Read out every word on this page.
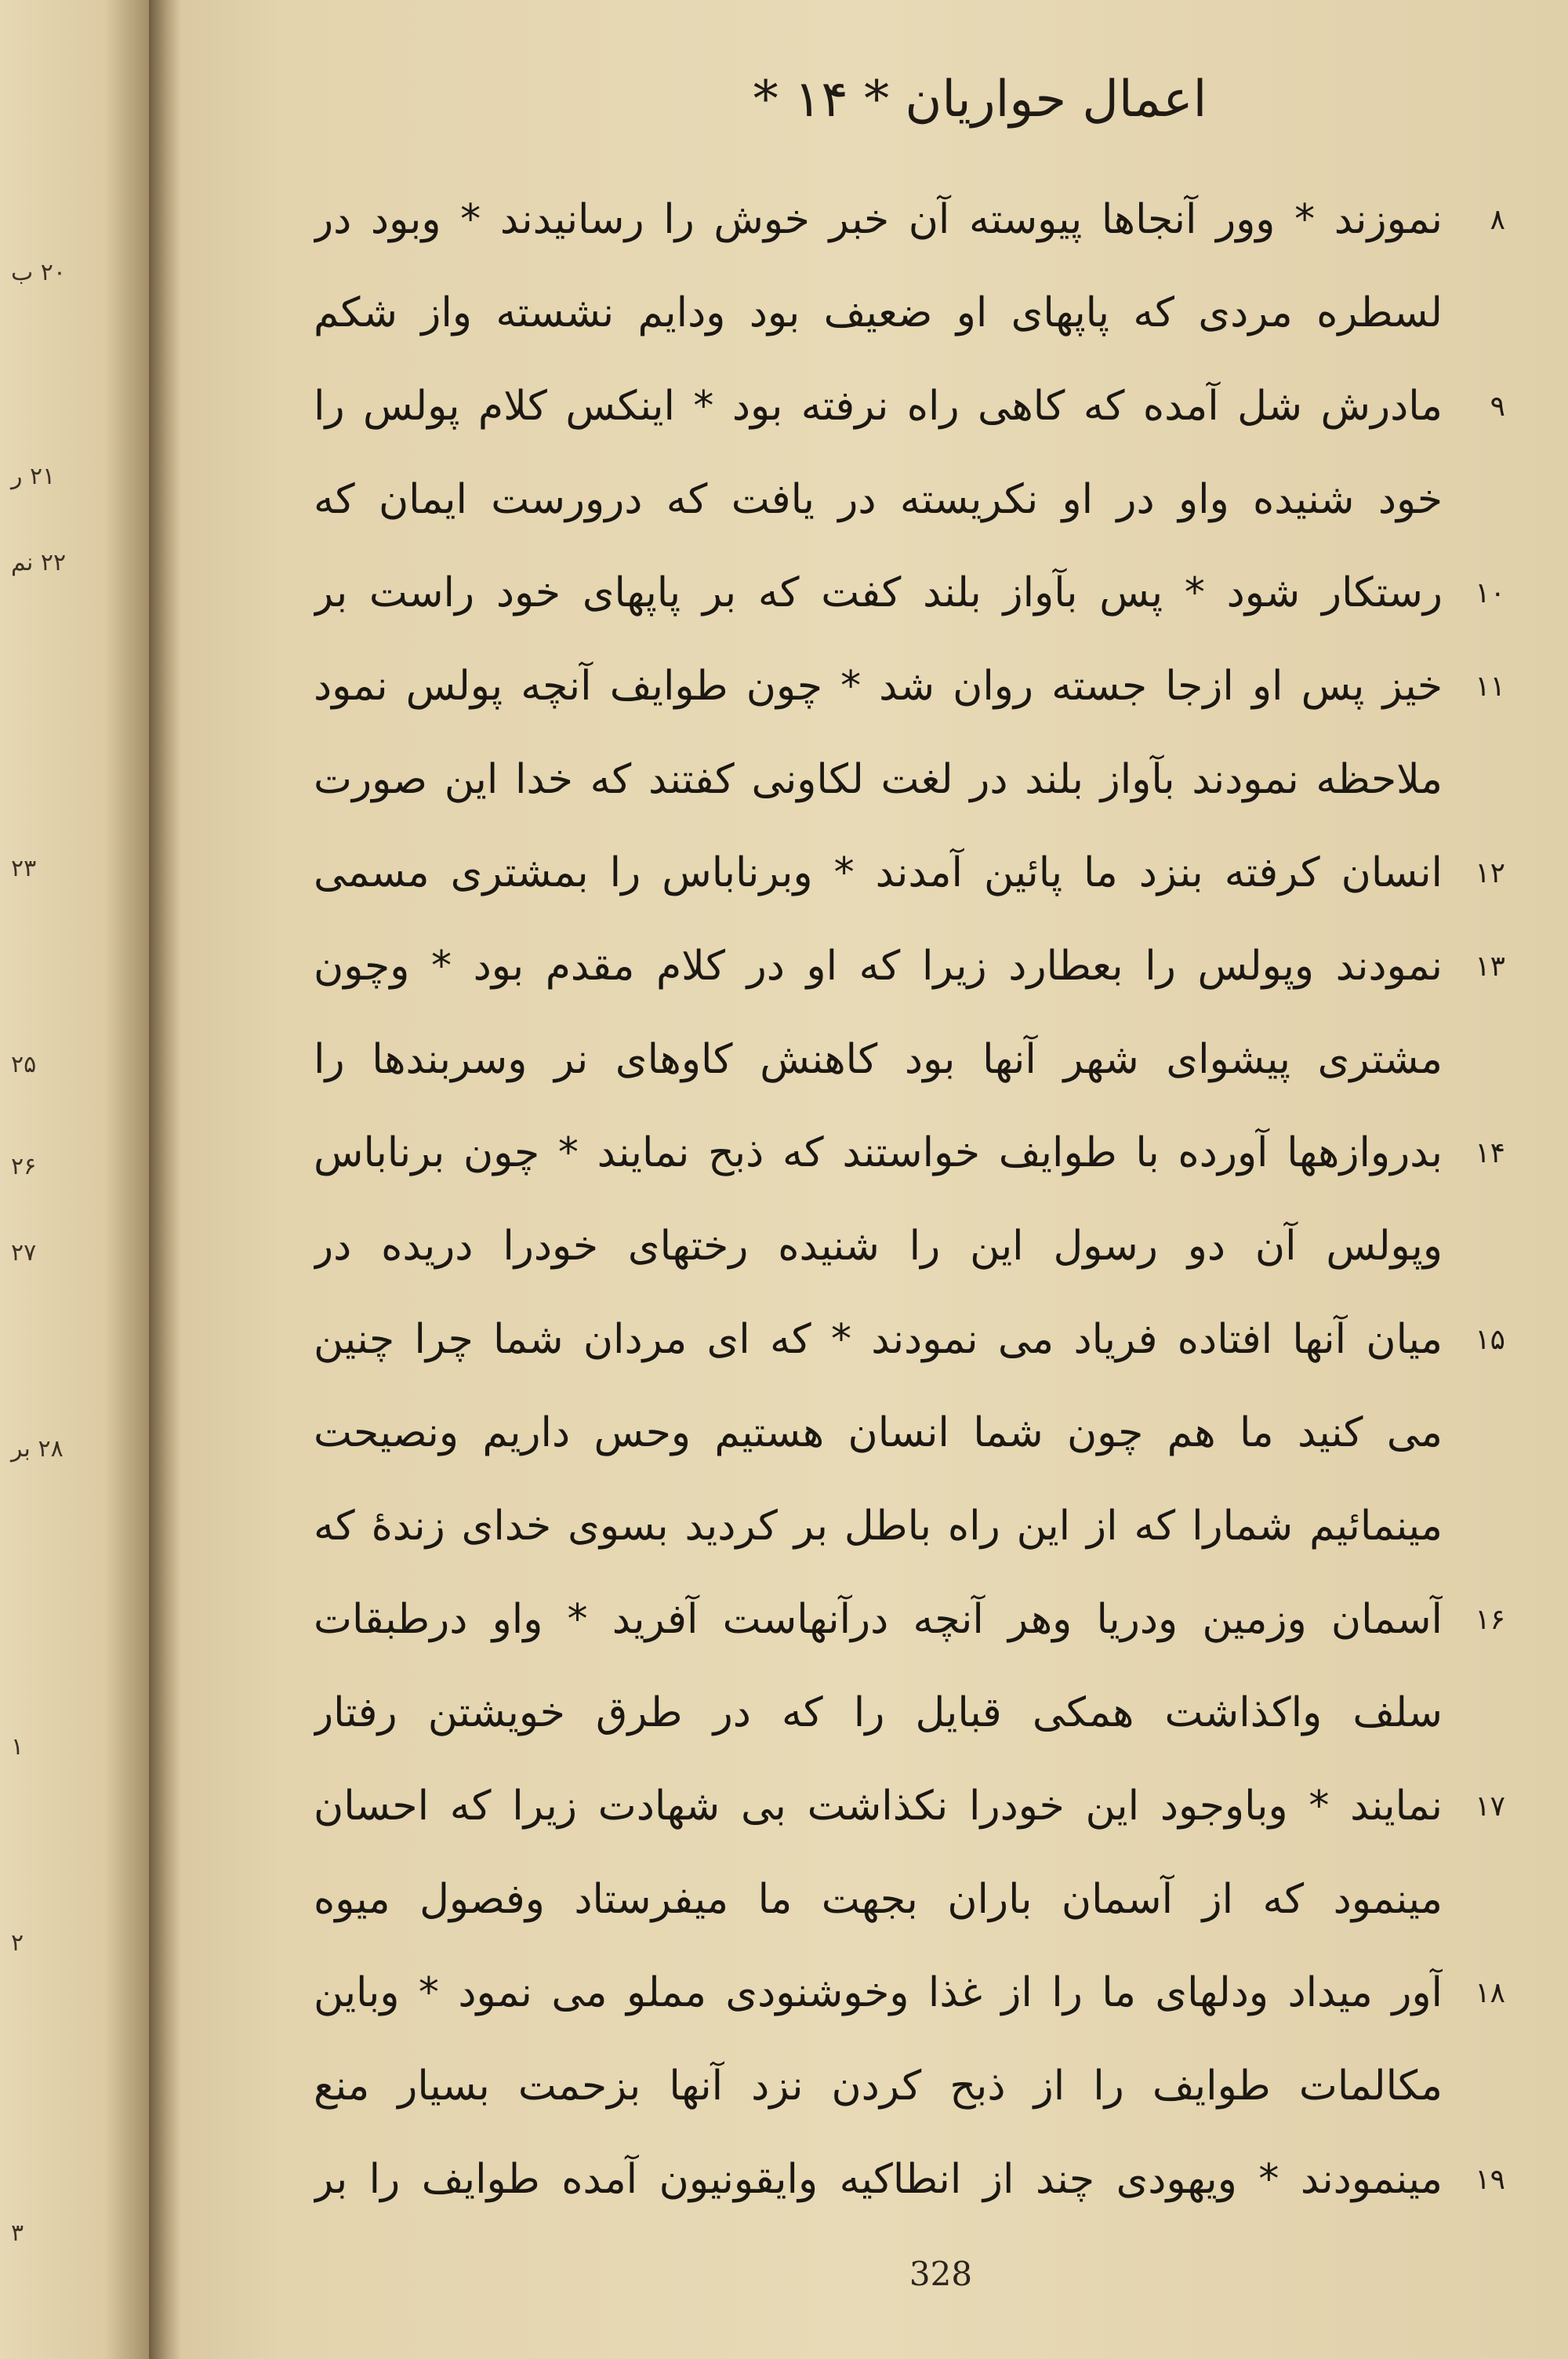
۲۰ ب
۲۱ ر
۲۲ نم
۲۳
۲۵
۲۶
۲۷
۲۸ بر
۱
۲
۳
اعمال حواریان * ۱۴ *
۸
نموزند * وور آنجاها پیوسته آن خبر خوش را رسانیدند * وبود در
لسطره مردی که پاپهای او ضعیف بود ودایم نشسته واز شکم
۹
مادرش شل آمده که کاهی راه نرفته بود * اینکس کلام پولس را
خود شنیده واو در او نکریسته در یافت که درورست ایمان که
۱۰
رستکار شود * پس بآواز بلند کفت که بر پاپهای خود راست بر
۱۱
خیز پس او ازجا جسته روان شد * چون طوایف آنچه پولس نمود
ملاحظه نمودند بآواز بلند در لغت لکاونی کفتند که خدا این صورت
۱۲
انسان کرفته بنزد ما پائین آمدند * وبرناباس را بمشتری مسمی
۱۳
نمودند وپولس را بعطارد زیرا که او در کلام مقدم بود * وچون
مشتری پیشوای شهر آنها بود کاهنش کاوهای نر وسربندها را
۱۴
بدروازهها آورده با طوایف خواستند که ذبح نمایند * چون برناباس
وپولس آن دو رسول این را شنیده رختهای خودرا دریده در
۱۵
میان آنها افتاده فریاد می نمودند * که ای مردان شما چرا چنین
می کنید ما هم چون شما انسان هستیم وحس داریم ونصیحت
مینمائیم شمارا که از این راه باطل بر کردید بسوی خدای زندهٔ که
۱۶
آسمان وزمین ودریا وهر آنچه درآنهاست آفرید * واو درطبقات
سلف واکذاشت همکی قبایل را که در طرق خویشتن رفتار
۱۷
نمایند * وباوجود این خودرا نکذاشت بی شهادت زیرا که احسان
مینمود که از آسمان باران بجهت ما میفرستاد وفصول میوه
۱۸
آور میداد ودلهای ما را از غذا وخوشنودی مملو می نمود * وباین
مکالمات طوایف را از ذبح کردن نزد آنها بزحمت بسیار منع
۱۹
مینمودند * ویهودی چند از انطاکیه وایقونیون آمده طوایف را بر
328
